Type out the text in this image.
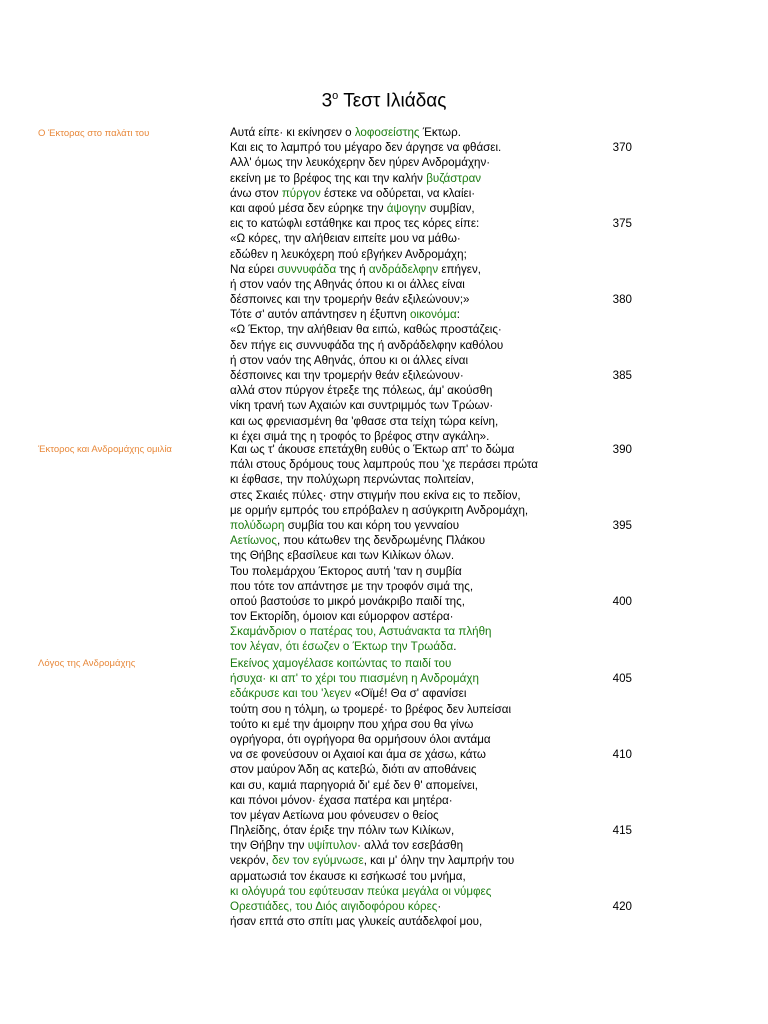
$3^o$ Τεστ Ιλιάδας
Ο Έκτορας στο παλάτι του	Αυτά είπε· κι εκίνησεν ο λοφοσείστης Έκτωρ.
Και εις το λαμπρό του μέγαρο δεν άργησε να φθάσει.	370
Αλλ' όμως την λευκόχερην δεν ηύρεν Ανδρομάχην·
εκείνη με το βρέφος της και την καλήν βυζάστραν
άνω στον πύργον έστεκε να οδύρεται, να κλαίει·
και αφού μέσα δεν εύρηκε την άψογην συμβίαν,
εις το κατώφλι εστάθηκε και προς τες κόρες είπε:	375
«Ω κόρες, την αλήθειαν ειπείτε μου να μάθω·
εδώθεν η λευκόχερη πού εβγήκεν Ανδρομάχη;
Να εύρει συννυφάδα της ή ανδράδελφην επήγεν,
ή στον ναόν της Αθηνάς όπου κι οι άλλες είναι
δέσποινες και την τρομερήν θεάν εξιλεώνουν;»	380
Τότε σ' αυτόν απάντησεν η έξυπνη οικονόμα:
«Ω Έκτορ, την αλήθειαν θα ειπώ, καθώς προστάζεις·
δεν πήγε εις συννυφάδα της ή ανδράδελφην καθόλου
ή στον ναόν της Αθηνάς, όπου κι οι άλλες είναι
δέσποινες και την τρομερήν θεάν εξιλεώνουν·	385
αλλά στον πύργον έτρεξε της πόλεως, άμ' ακούσθη
νίκη τρανή των Αχαιών και συντριμμός των Τρώων·
και ως φρενιασμένη θα 'φθασε στα τείχη τώρα κείνη,
κι έχει σιμά της η τροφός το βρέφος στην αγκάλη».
Έκτορος και Ανδρομάχης ομιλία	Και ως τ' άκουσε επετάχθη ευθύς ο Έκτωρ απ' το δώμα	390
πάλι στους δρόμους τους λαμπρούς που 'χε περάσει πρώτα
κι έφθασε, την πολύχωρη περνώντας πολιτείαν,
στες Σκαιές πύλες· στην στιγμήν που εκίνα εις το πεδίον,
με ορμήν εμπρός του επρόβαλεν η ασύγκριτη Ανδρομάχη,
πολύδωρη συμβία του και κόρη του γενναίου	395
Αετίωνος, που κάτωθεν της δενδρωμένης Πλάκου
της Θήβης εβασίλευε και των Κιλίκων όλων.
Του πολεμάρχου Έκτορος αυτή 'ταν η συμβία
που τότε τον απάντησε με την τροφόν σιμά της,
οπού βαστούσε το μικρό μονάκριβο παιδί της,	400
τον Εκτορίδη, όμοιον και εύμορφον αστέρα·
Σκαμάνδριον ο πατέρας του, Αστυάνακτα τα πλήθη
τον λέγαν, ότι έσωζεν ο Έκτωρ την Τρωάδα.
Λόγος της Ανδρομάχης	Εκείνος χαμογέλασε κοιτώντας το παιδί του
ήσυχα· κι απ' το χέρι του πιασμένη η Ανδρομάχη	405
εδάκρυσε και του 'λεγεν «Οϊμέ! Θα σ' αφανίσει
τούτη σου η τόλμη, ω τρομερέ· το βρέφος δεν λυπείσαι
τούτο κι εμέ την άμοιρην που χήρα σου θα γίνω
ογρήγορα, ότι ογρήγορα θα ορμήσουν όλοι αντάμα
να σε φονεύσουν οι Αχαιοί και άμα σε χάσω, κάτω	410
στον μαύρον Άδη ας κατεβώ, διότι αν αποθάνεις
και συ, καμιά παρηγοριά δι' εμέ δεν θ' απομείνει,
και πόνοι μόνον· έχασα πατέρα και μητέρα·
τον μέγαν Αετίωνα μου φόνευσεν ο θείος
Πηλείδης, όταν έριξε την πόλιν των Κιλίκων,	415
την Θήβην την υψίπυλον· αλλά τον εσεβάσθη
νεκρόν, δεν τον εγύμνωσε, και μ' όλην την λαμπρήν του
αρματωσιά τον έκαυσε κι εσήκωσέ του μνήμα,
κι ολόγυρά του εφύτευσαν πεύκα μεγάλα οι νύμφες
Ορεστιάδες, του Διός αιγιδοφόρου κόρες·	420
ήσαν επτά στο σπίτι μας γλυκείς αυτάδελφοί μου,
